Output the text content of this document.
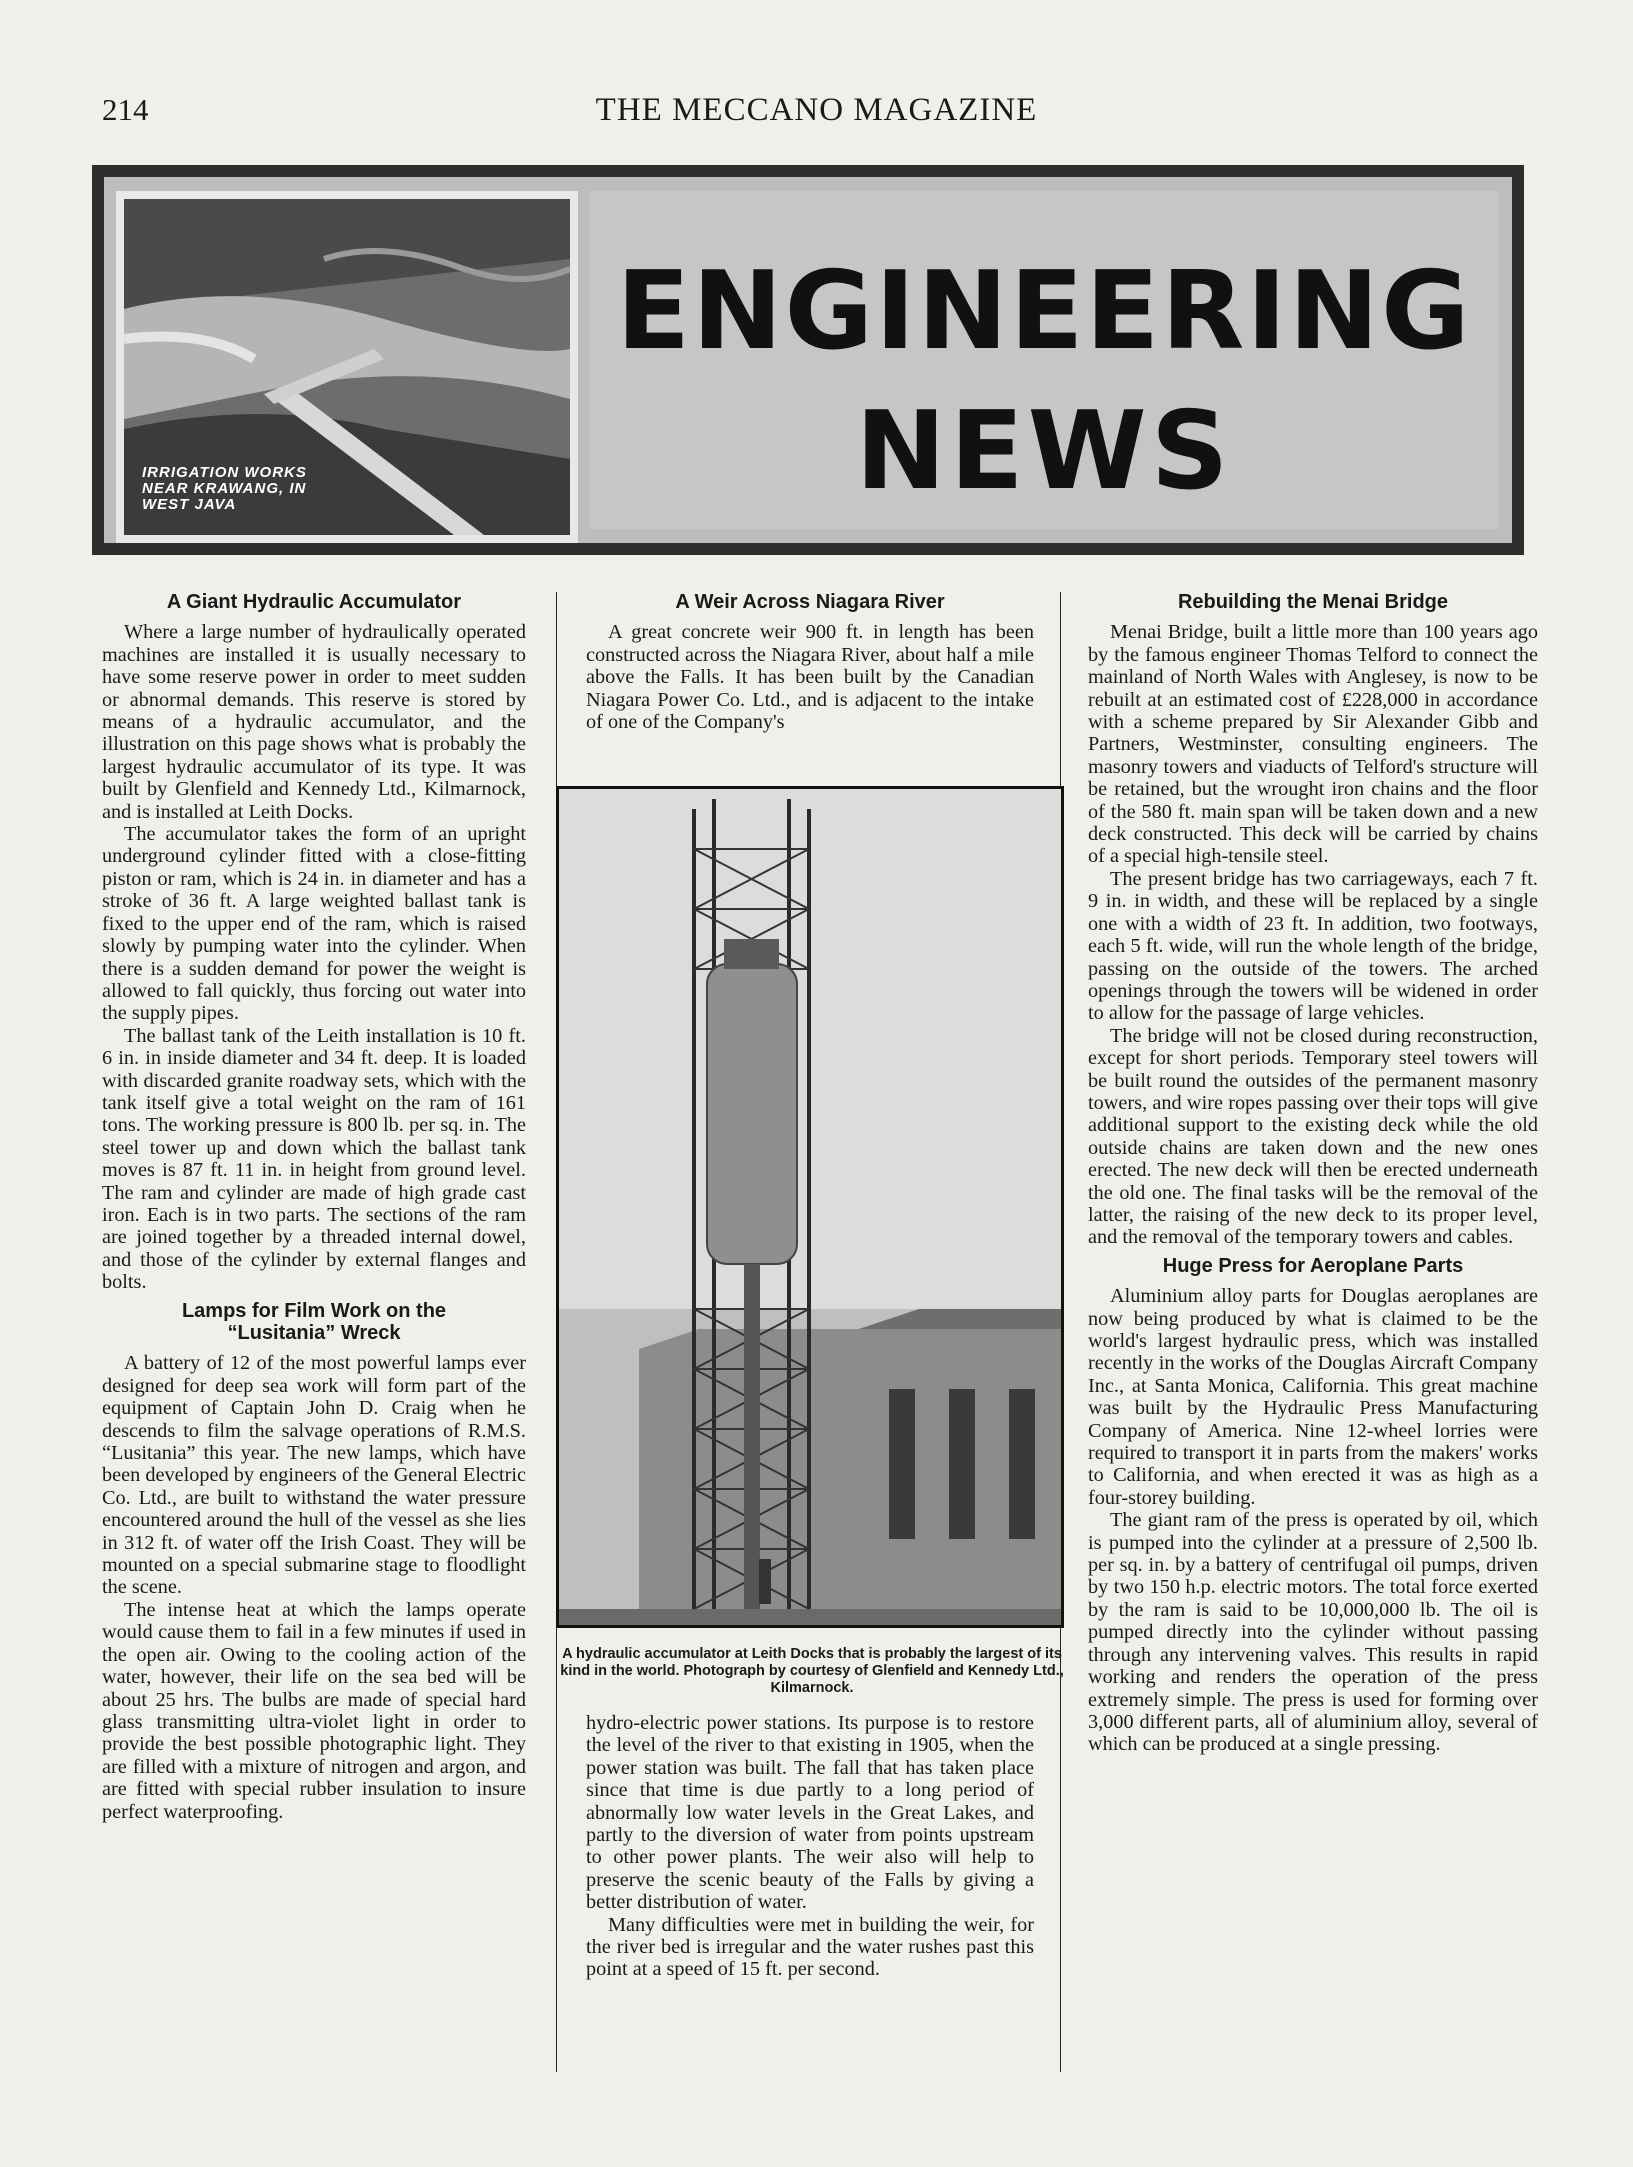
214	THE MECCANO MAGAZINE
IRRIGATION WORKS NEAR KRAWANG, IN WEST JAVA
ENGINEERING
NEWS
A Giant Hydraulic Accumulator

Where a large number of hydraulically operated machines are installed it is usually necessary to have some reserve power in order to meet sudden or abnormal demands. This reserve is stored by means of a hydraulic accumulator, and the illustration on this page shows what is probably the largest hydraulic accumulator of its type. It was built by Glenfield and Kennedy Ltd., Kilmarnock, and is installed at Leith Docks.

The accumulator takes the form of an upright underground cylinder fitted with a close-fitting piston or ram, which is 24 in. in diameter and has a stroke of 36 ft. A large weighted ballast tank is fixed to the upper end of the ram, which is raised slowly by pumping water into the cylinder. When there is a sudden demand for power the weight is allowed to fall quickly, thus forcing out water into the supply pipes.

The ballast tank of the Leith installation is 10 ft. 6 in. in inside diameter and 34 ft. deep. It is loaded with discarded granite roadway sets, which with the tank itself give a total weight on the ram of 161 tons. The working pressure is 800 lb. per sq. in. The steel tower up and down which the ballast tank moves is 87 ft. 11 in. in height from ground level. The ram and cylinder are made of high grade cast iron. Each is in two parts. The sections of the ram are joined together by a threaded internal dowel, and those of the cylinder by external flanges and bolts.

Lamps for Film Work on the
“Lusitania” Wreck

A battery of 12 of the most powerful lamps ever designed for deep sea work will form part of the equipment of Captain John D. Craig when he descends to film the salvage operations of R.M.S. “Lusitania” this year. The new lamps, which have been developed by engineers of the General Electric Co. Ltd., are built to withstand the water pressure encountered around the hull of the vessel as she lies in 312 ft. of water off the Irish Coast. They will be mounted on a special submarine stage to floodlight the scene.

The intense heat at which the lamps operate would cause them to fail in a few minutes if used in the open air. Owing to the cooling action of the water, however, their life on the sea bed will be about 25 hrs. The bulbs are made of special hard glass transmitting ultra-violet light in order to provide the best possible photographic light. They are filled with a mixture of nitrogen and argon, and are fitted with special rubber insulation to insure perfect waterproofing.

A Weir Across Niagara River

A great concrete weir 900 ft. in length has been constructed across the Niagara River, about half a mile above the Falls. It has been built by the Canadian Niagara Power Co. Ltd., and is adjacent to the intake of one of the Company's

A hydraulic accumulator at Leith Docks that is probably the largest of its kind in the world. Photograph by courtesy of Glenfield and Kennedy Ltd., Kilmarnock.

hydro-electric power stations. Its purpose is to restore the level of the river to that existing in 1905, when the power station was built. The fall that has taken place since that time is due partly to a long period of abnormally low water levels in the Great Lakes, and partly to the diversion of water from points upstream to other power plants. The weir also will help to preserve the scenic beauty of the Falls by giving a better distribution of water.

Many difficulties were met in building the weir, for the river bed is irregular and the water rushes past this point at a speed of 15 ft. per second.

Rebuilding the Menai Bridge

Menai Bridge, built a little more than 100 years ago by the famous engineer Thomas Telford to connect the mainland of North Wales with Anglesey, is now to be rebuilt at an estimated cost of £228,000 in accordance with a scheme prepared by Sir Alexander Gibb and Partners, Westminster, consulting engineers. The masonry towers and viaducts of Telford's structure will be retained, but the wrought iron chains and the floor of the 580 ft. main span will be taken down and a new deck constructed. This deck will be carried by chains of a special high-tensile steel.

The present bridge has two carriageways, each 7 ft. 9 in. in width, and these will be replaced by a single one with a width of 23 ft. In addition, two footways, each 5 ft. wide, will run the whole length of the bridge, passing on the outside of the towers. The arched openings through the towers will be widened in order to allow for the passage of large vehicles.

The bridge will not be closed during reconstruction, except for short periods. Temporary steel towers will be built round the outsides of the permanent masonry towers, and wire ropes passing over their tops will give additional support to the existing deck while the old outside chains are taken down and the new ones erected. The new deck will then be erected underneath the old one. The final tasks will be the removal of the latter, the raising of the new deck to its proper level, and the removal of the temporary towers and cables.

Huge Press for Aeroplane Parts

Aluminium alloy parts for Douglas aeroplanes are now being produced by what is claimed to be the world's largest hydraulic press, which was installed recently in the works of the Douglas Aircraft Company Inc., at Santa Monica, California. This great machine was built by the Hydraulic Press Manufacturing Company of America. Nine 12-wheel lorries were required to transport it in parts from the makers' works to California, and when erected it was as high as a four-storey building.

The giant ram of the press is operated by oil, which is pumped into the cylinder at a pressure of 2,500 lb. per sq. in. by a battery of centrifugal oil pumps, driven by two 150 h.p. electric motors. The total force exerted by the ram is said to be 10,000,000 lb. The oil is pumped directly into the cylinder without passing through any intervening valves. This results in rapid working and renders the operation of the press extremely simple. The press is used for forming over 3,000 different parts, all of aluminium alloy, several of which can be produced at a single pressing.
